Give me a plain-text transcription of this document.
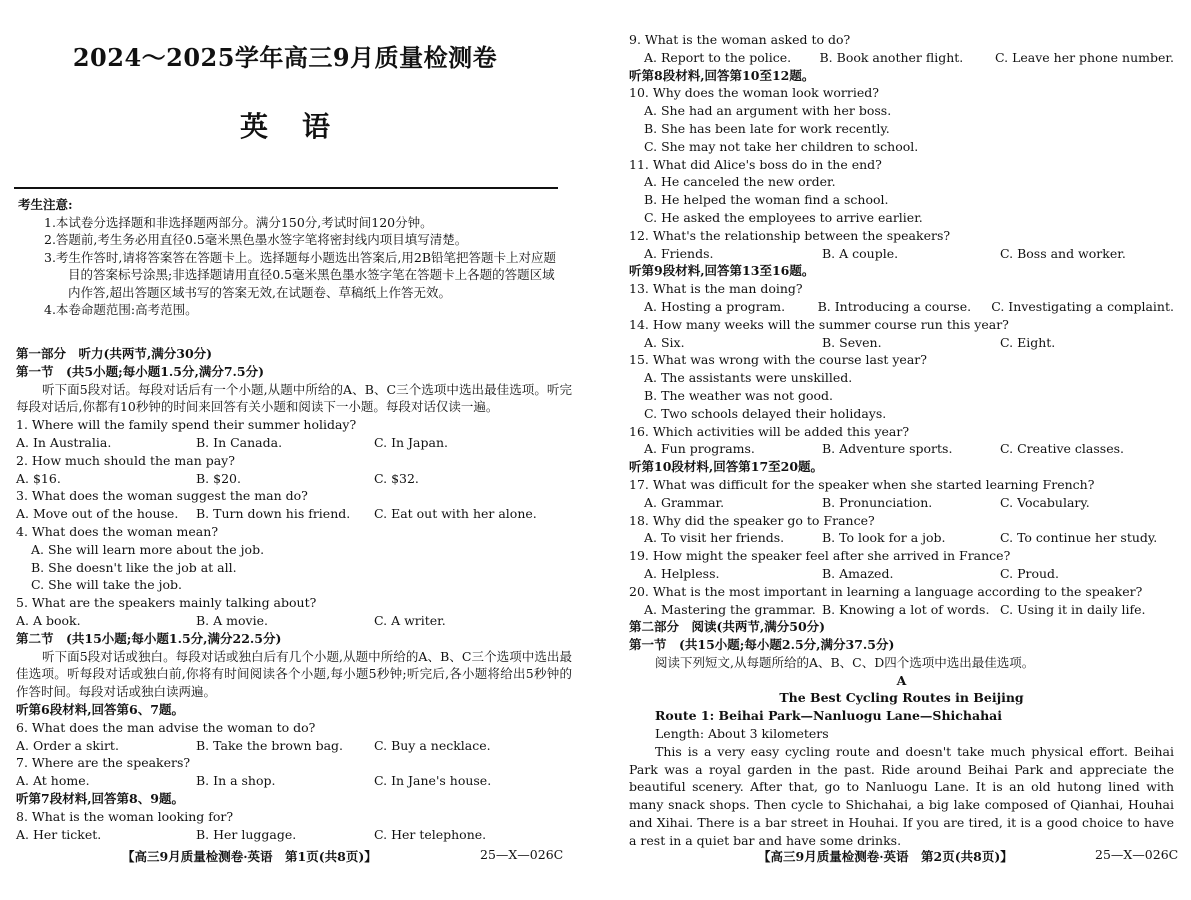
2024～2025学年高三9月质量检测卷
英语
考生注意:
1.本试卷分选择题和非选择题两部分。满分150分,考试时间120分钟。
2.答题前,考生务必用直径0.5毫米黑色墨水签字笔将密封线内项目填写清楚。
3.考生作答时,请将答案答在答题卡上。选择题每小题选出答案后,用2B铅笔把答题卡上对应题目的答案标号涂黑;非选择题请用直径0.5毫米黑色墨水签字笔在答题卡上各题的答题区域内作答,超出答题区域书写的答案无效,在试题卷、草稿纸上作答无效。
4.本卷命题范围:高考范围。
第一部分　听力(共两节,满分30分)
第一节　(共5小题;每小题1.5分,满分7.5分)
听下面5段对话。每段对话后有一个小题,从题中所给的A、B、C三个选项中选出最佳选项。听完每段对话后,你都有10秒钟的时间来回答有关小题和阅读下一小题。每段对话仅读一遍。
1. Where will the family spend their summer holiday?
A. In Australia.	B. In Canada.	C. In Japan.
2. How much should the man pay?
A. $16.	B. $20.	C. $32.
3. What does the woman suggest the man do?
A. Move out of the house.	B. Turn down his friend.	C. Eat out with her alone.
4. What does the woman mean?
A. She will learn more about the job.
B. She doesn't like the job at all.
C. She will take the job.
5. What are the speakers mainly talking about?
A. A book.	B. A movie.	C. A writer.
第二节　(共15小题;每小题1.5分,满分22.5分)
听下面5段对话或独白。每段对话或独白后有几个小题,从题中所给的A、B、C三个选项中选出最佳选项。听每段对话或独白前,你将有时间阅读各个小题,每小题5秒钟;听完后,各小题将给出5秒钟的作答时间。每段对话或独白读两遍。
听第6段材料,回答第6、7题。
6. What does the man advise the woman to do?
A. Order a skirt.	B. Take the brown bag.	C. Buy a necklace.
7. Where are the speakers?
A. At home.	B. In a shop.	C. In Jane's house.
听第7段材料,回答第8、9题。
8. What is the woman looking for?
A. Her ticket.	B. Her luggage.	C. Her telephone.
【高三9月质量检测卷·英语　第1页(共8页)】	25—X—026C
9. What is the woman asked to do?
A. Report to the police.	B. Book another flight.	C. Leave her phone number.
听第8段材料,回答第10至12题。
10. Why does the woman look worried?
A. She had an argument with her boss.
B. She has been late for work recently.
C. She may not take her children to school.
11. What did Alice's boss do in the end?
A. He canceled the new order.
B. He helped the woman find a school.
C. He asked the employees to arrive earlier.
12. What's the relationship between the speakers?
A. Friends.	B. A couple.	C. Boss and worker.
听第9段材料,回答第13至16题。
13. What is the man doing?
A. Hosting a program.	B. Introducing a course.	C. Investigating a complaint.
14. How many weeks will the summer course run this year?
A. Six.	B. Seven.	C. Eight.
15. What was wrong with the course last year?
A. The assistants were unskilled.
B. The weather was not good.
C. Two schools delayed their holidays.
16. Which activities will be added this year?
A. Fun programs.	B. Adventure sports.	C. Creative classes.
听第10段材料,回答第17至20题。
17. What was difficult for the speaker when she started learning French?
A. Grammar.	B. Pronunciation.	C. Vocabulary.
18. Why did the speaker go to France?
A. To visit her friends.	B. To look for a job.	C. To continue her study.
19. How might the speaker feel after she arrived in France?
A. Helpless.	B. Amazed.	C. Proud.
20. What is the most important in learning a language according to the speaker?
A. Mastering the grammar. B. Knowing a lot of words. C. Using it in daily life.
第二部分　阅读(共两节,满分50分)
第一节　(共15小题;每小题2.5分,满分37.5分)
阅读下列短文,从每题所给的A、B、C、D四个选项中选出最佳选项。
A
The Best Cycling Routes in Beijing
Route 1: Beihai Park—Nanluogu Lane—Shichahai
Length: About 3 kilometers
This is a very easy cycling route and doesn't take much physical effort. Beihai Park was a royal garden in the past. Ride around Beihai Park and appreciate the beautiful scenery. After that, go to Nanluogu Lane. It is an old hutong lined with many snack shops. Then cycle to Shichahai, a big lake composed of Qianhai, Houhai and Xihai. There is a bar street in Houhai. If you are tired, it is a good choice to have a rest in a quiet bar and have some drinks.
【高三9月质量检测卷·英语　第2页(共8页)】	25—X—026C
